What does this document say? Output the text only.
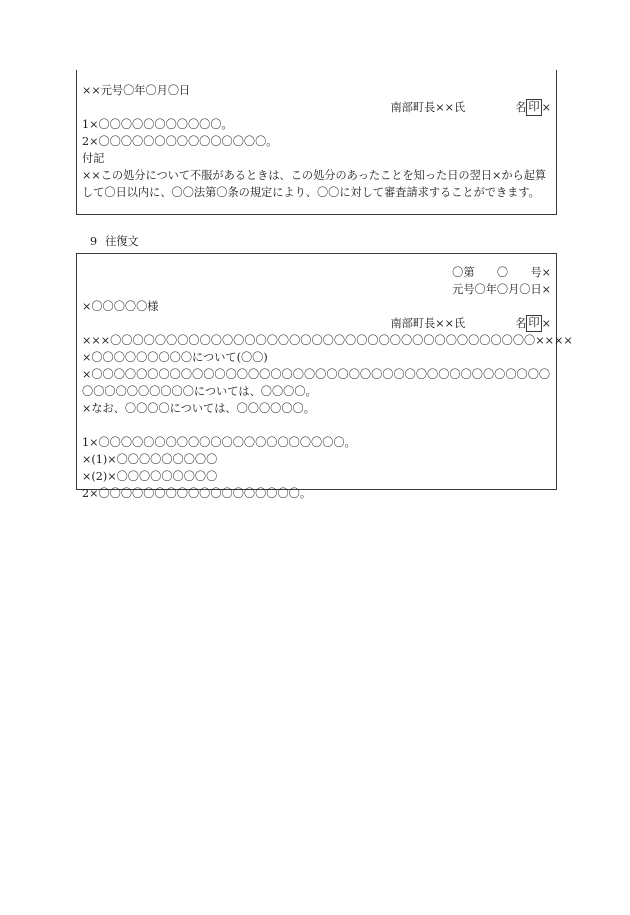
××元号〇年〇月〇日
南部町長××氏	名 印 ×
1×〇〇〇〇〇〇〇〇〇〇〇。
2×〇〇〇〇〇〇〇〇〇〇〇〇〇〇〇。
付記
××この処分について不服があるときは、この処分のあったことを知った日の翌日×から起算して〇日以内に、〇〇法第〇条の規定により、〇〇に対して審査請求することができます。
9 往復文
〇第　　〇　　号×
元号〇年〇月〇日×
×〇〇〇〇〇様
南部町長××氏	名 印 ×
×××〇〇〇〇〇〇〇〇〇〇〇〇〇〇〇〇〇〇〇〇〇〇〇〇〇〇〇〇〇〇〇〇〇〇〇〇〇〇××××
×〇〇〇〇〇〇〇〇〇について(〇〇)
×〇〇〇〇〇〇〇〇〇〇〇〇〇〇〇〇〇〇〇〇〇〇〇〇〇〇〇〇〇〇〇〇〇〇〇〇〇〇〇〇〇〇〇〇〇〇〇〇〇〇〇については、〇〇〇〇。
×なお、〇〇〇〇については、〇〇〇〇〇〇。
1×〇〇〇〇〇〇〇〇〇〇〇〇〇〇〇〇〇〇〇〇〇〇。
×(1)×〇〇〇〇〇〇〇〇〇
×(2)×〇〇〇〇〇〇〇〇〇
2×〇〇〇〇〇〇〇〇〇〇〇〇〇〇〇〇〇〇。
